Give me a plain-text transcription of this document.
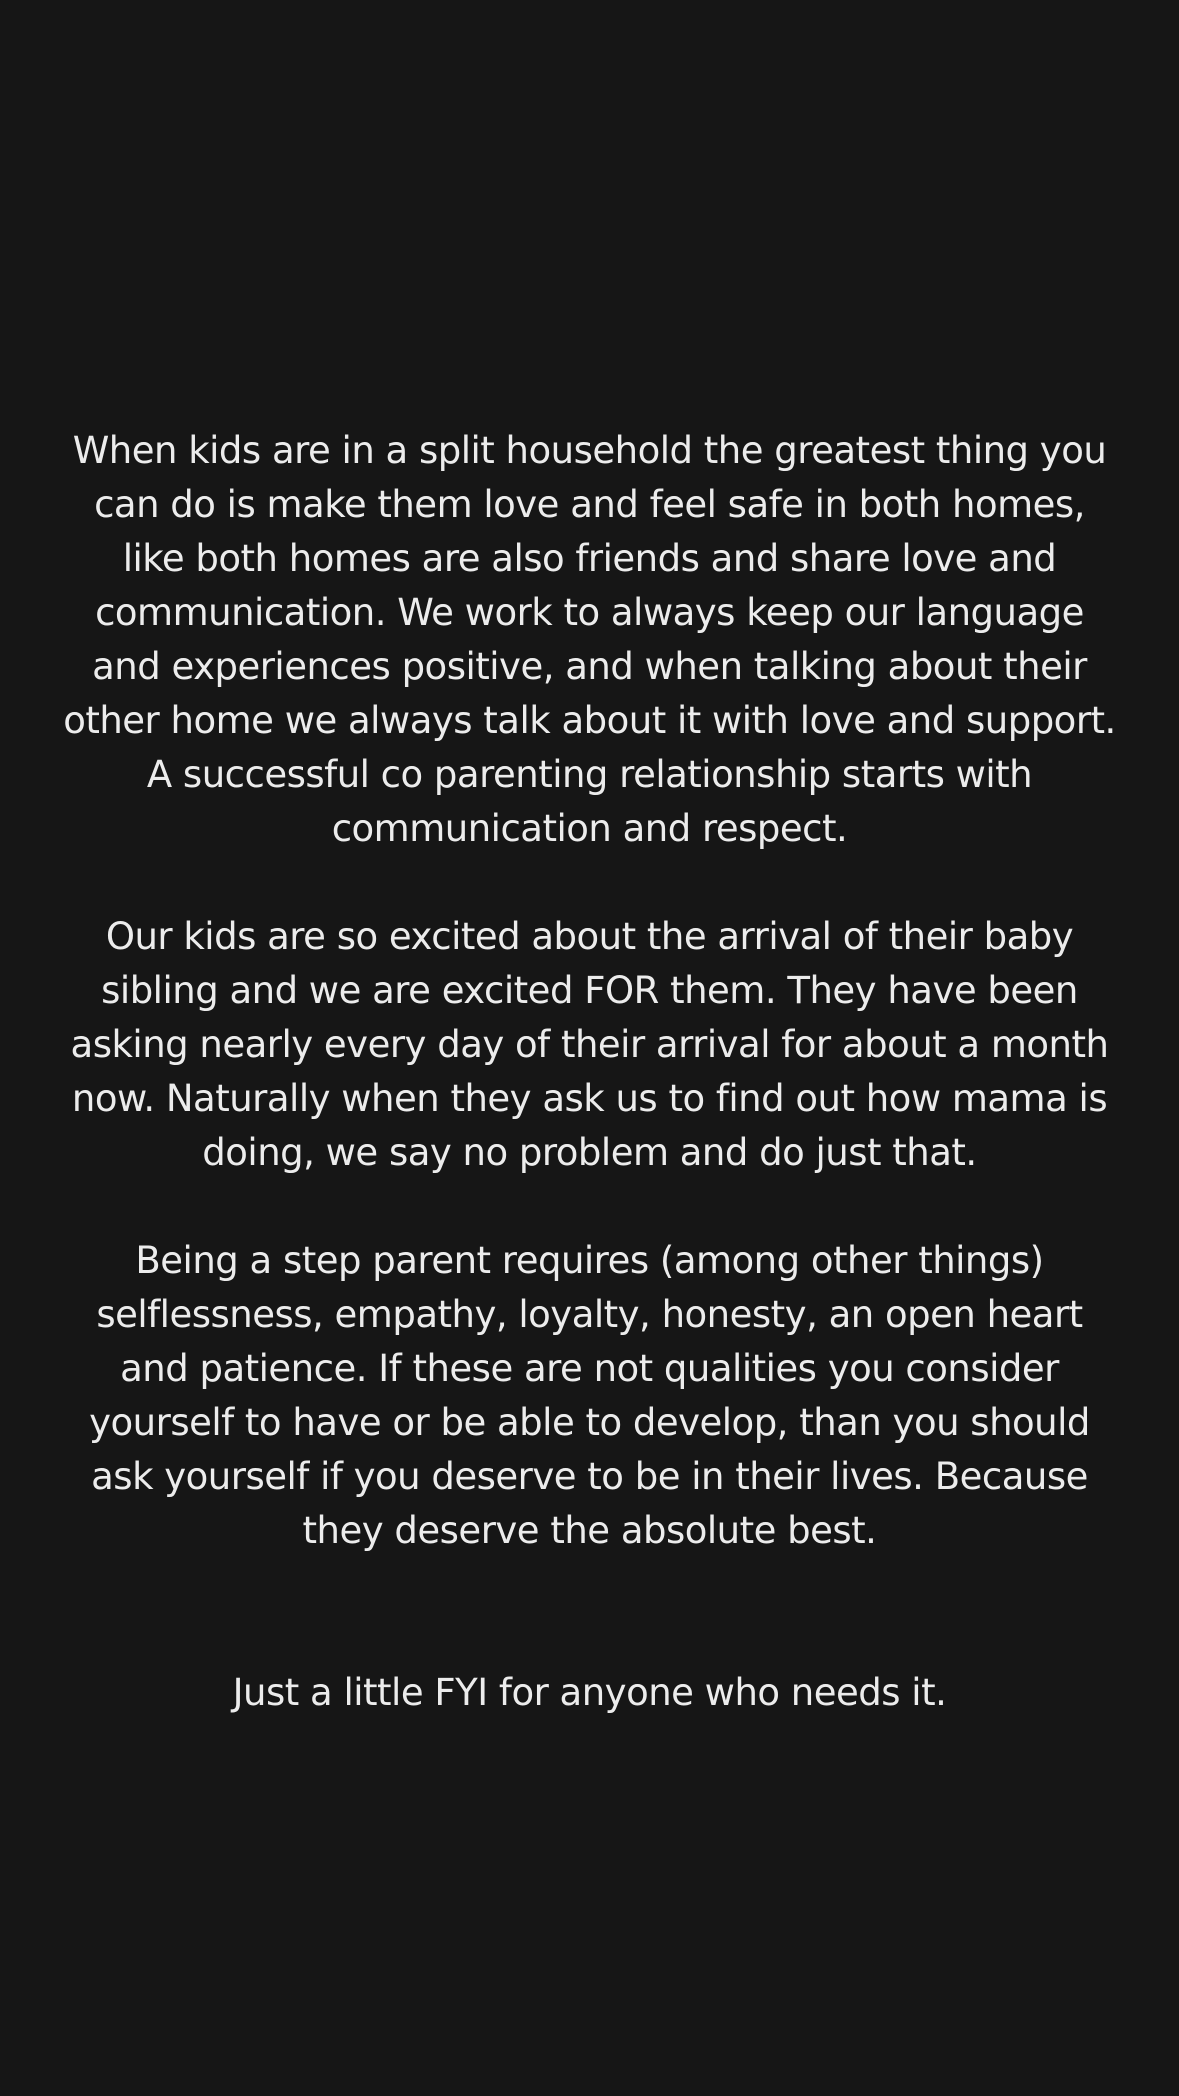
When kids are in a split household the greatest thing you can do is make them love and feel safe in both homes, like both homes are also friends and share love and communication. We work to always keep our language and experiences positive, and when talking about their other home we always talk about it with love and support. A successful co parenting relationship starts with communication and respect.

Our kids are so excited about the arrival of their baby sibling and we are excited FOR them. They have been asking nearly every day of their arrival for about a month now. Naturally when they ask us to find out how mama is doing, we say no problem and do just that.

Being a step parent requires (among other things) selflessness, empathy, loyalty, honesty, an open heart and patience. If these are not qualities you consider yourself to have or be able to develop, than you should ask yourself if you deserve to be in their lives. Because they deserve the absolute best.

Just a little FYI for anyone who needs it.
